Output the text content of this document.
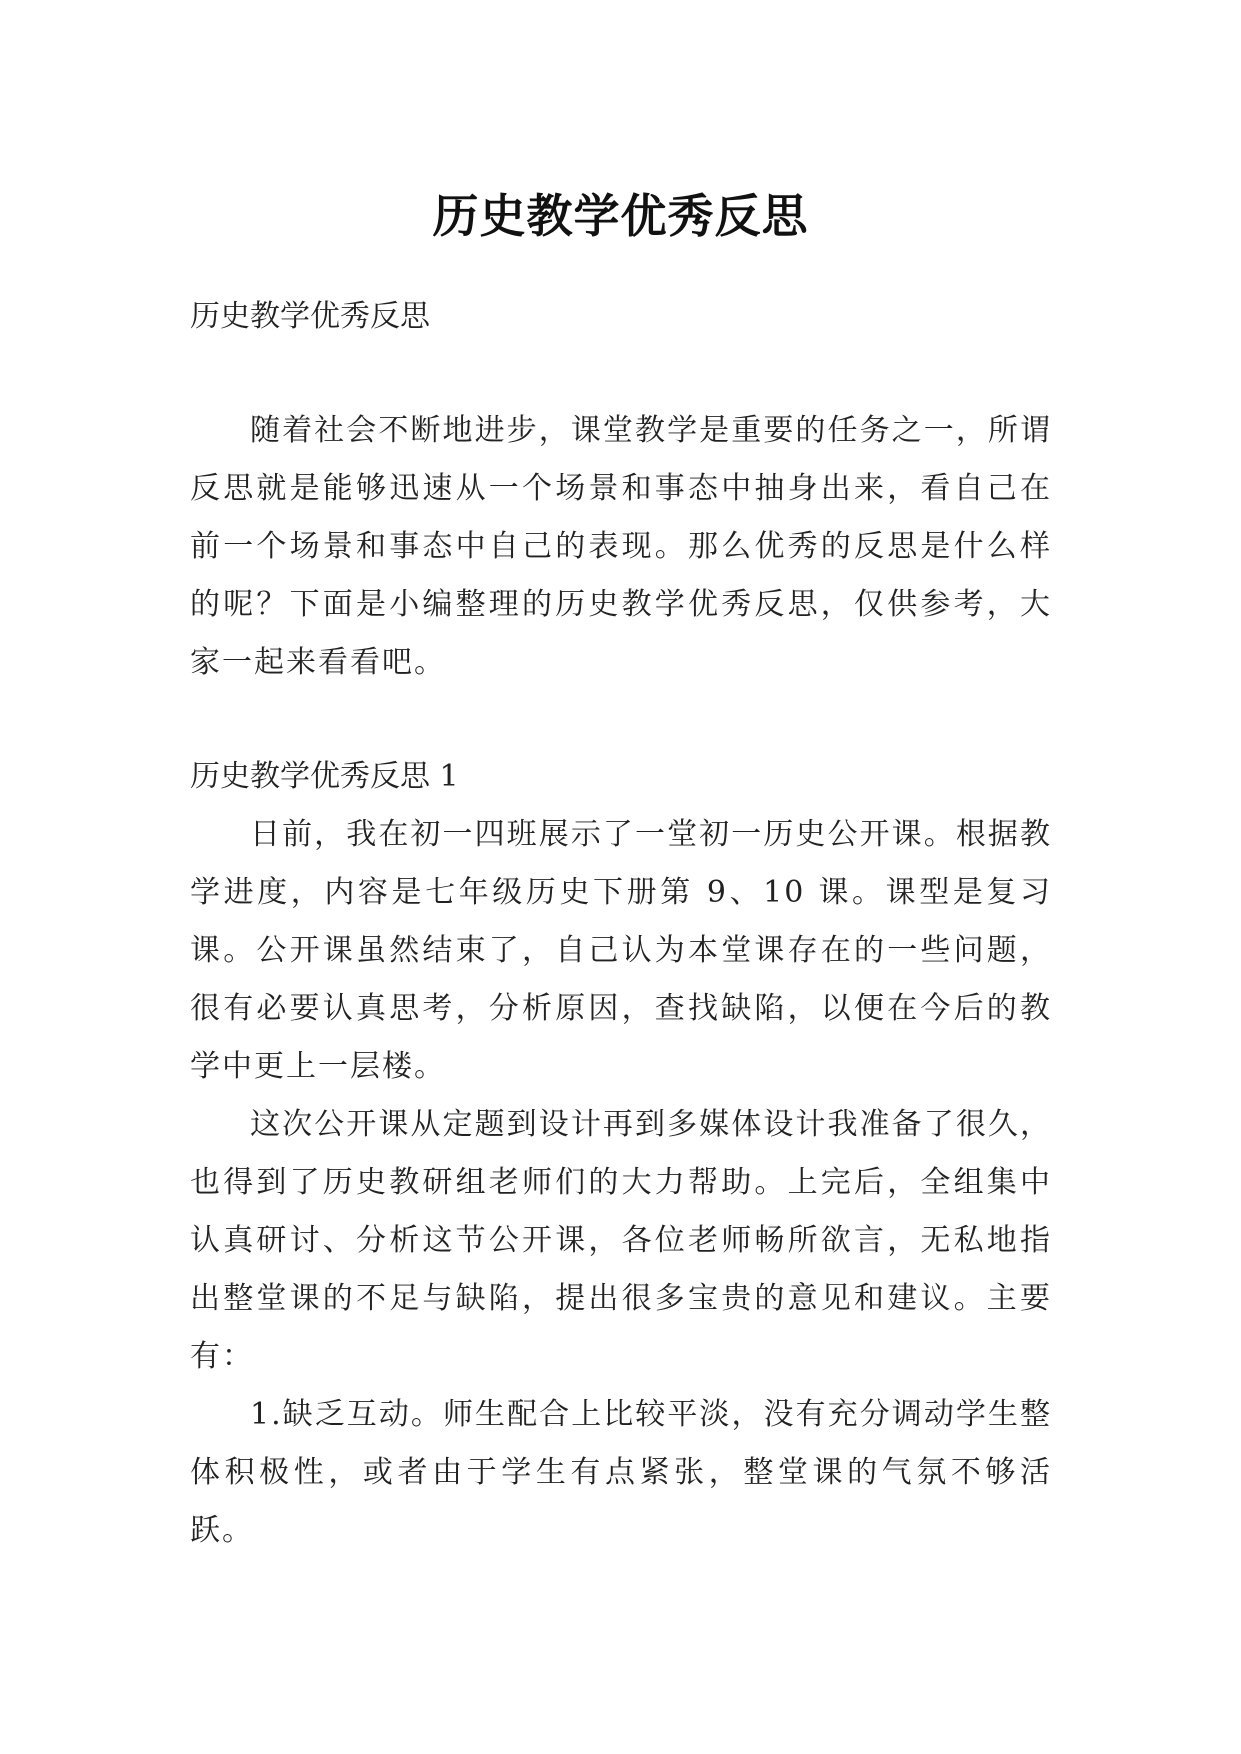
历史教学优秀反思

历史教学优秀反思

随着社会不断地进步，课堂教学是重要的任务之一，所谓反思就是能够迅速从一个场景和事态中抽身出来，看自己在前一个场景和事态中自己的表现。那么优秀的反思是什么样的呢？下面是小编整理的历史教学优秀反思，仅供参考，大家一起来看看吧。

历史教学优秀反思 1

日前，我在初一四班展示了一堂初一历史公开课。根据教学进度，内容是七年级历史下册第 9、10 课。课型是复习课。公开课虽然结束了，自己认为本堂课存在的一些问题，很有必要认真思考，分析原因，查找缺陷，以便在今后的教学中更上一层楼。

这次公开课从定题到设计再到多媒体设计我准备了很久，也得到了历史教研组老师们的大力帮助。上完后，全组集中认真研讨、分析这节公开课，各位老师畅所欲言，无私地指出整堂课的不足与缺陷，提出很多宝贵的意见和建议。主要有：

1.缺乏互动。师生配合上比较平淡，没有充分调动学生整体积极性，或者由于学生有点紧张，整堂课的气氛不够活跃。
